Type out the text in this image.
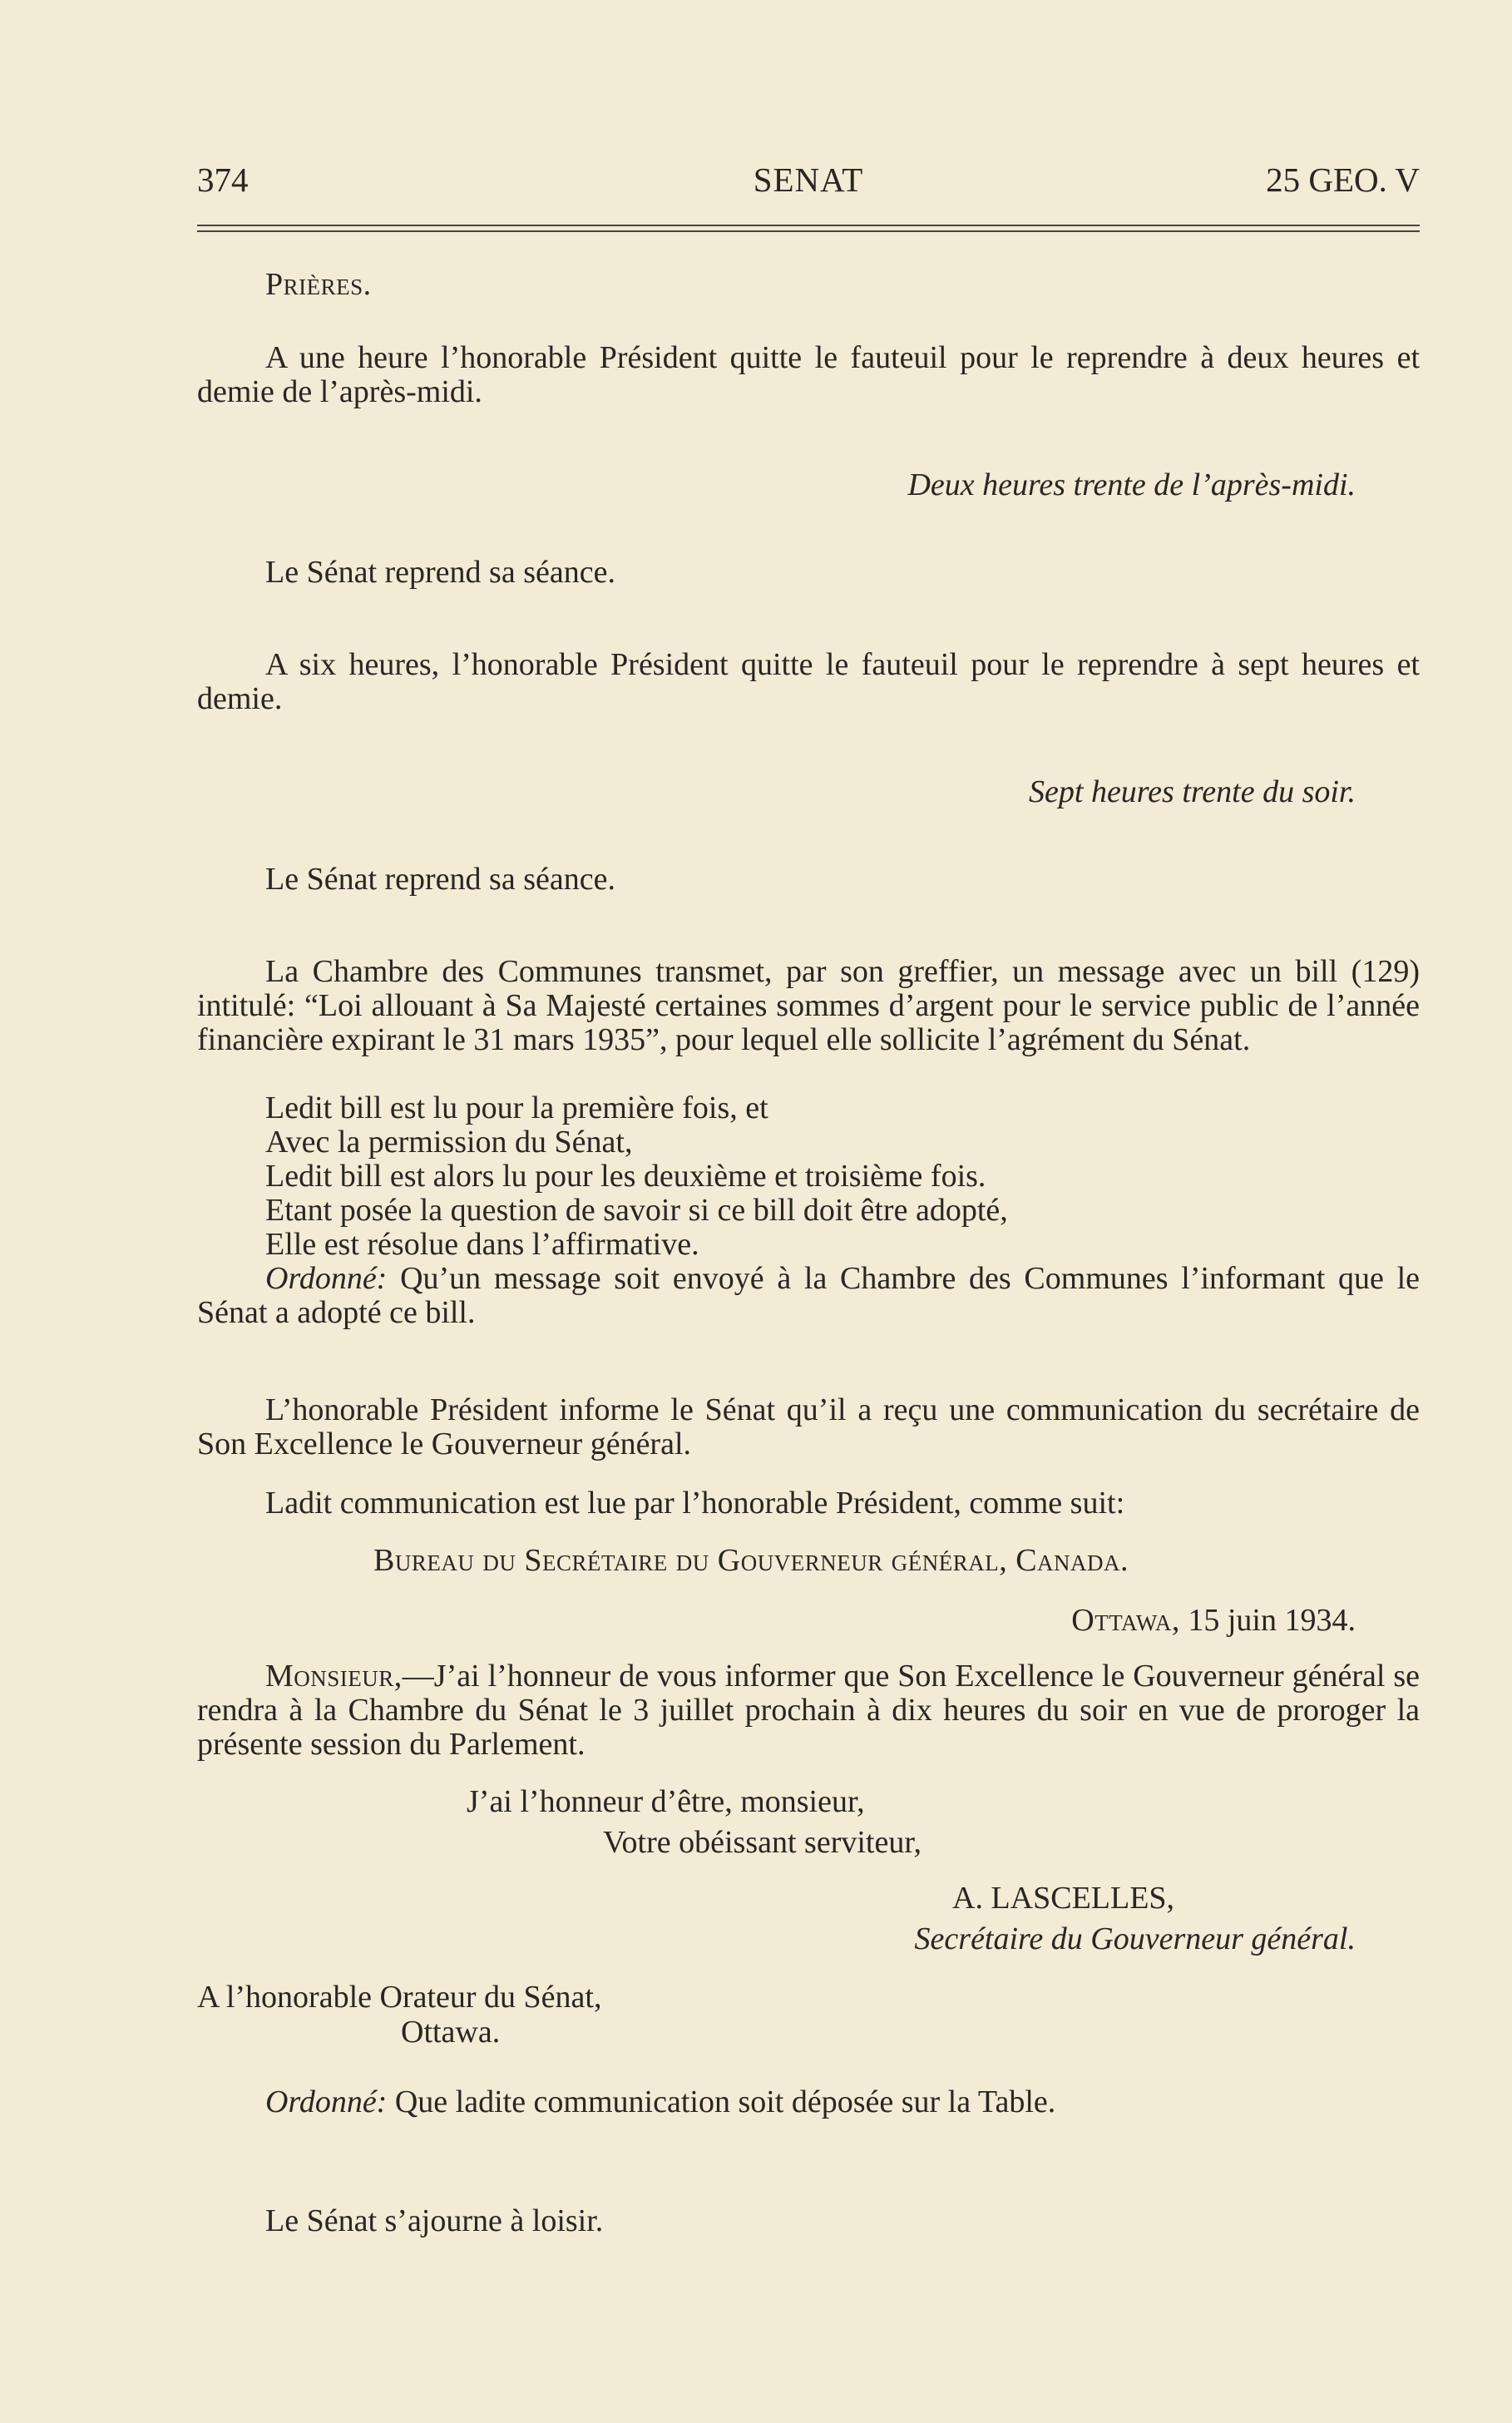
374	SENAT	25 GEO. V
Prières.
A une heure l’honorable Président quitte le fauteuil pour le reprendre à deux heures et demie de l’après-midi.
Deux heures trente de l’après-midi.
Le Sénat reprend sa séance.
A six heures, l’honorable Président quitte le fauteuil pour le reprendre à sept heures et demie.
Sept heures trente du soir.
Le Sénat reprend sa séance.
La Chambre des Communes transmet, par son greffier, un message avec un bill (129) intitulé: “Loi allouant à Sa Majesté certaines sommes d’argent pour le service public de l’année financière expirant le 31 mars 1935”, pour lequel elle sollicite l’agrément du Sénat.
Ledit bill est lu pour la première fois, et
Avec la permission du Sénat,
Ledit bill est alors lu pour les deuxième et troisième fois.
Etant posée la question de savoir si ce bill doit être adopté,
Elle est résolue dans l’affirmative.
Ordonné: Qu’un message soit envoyé à la Chambre des Communes l’informant que le Sénat a adopté ce bill.
L’honorable Président informe le Sénat qu’il a reçu une communication du secrétaire de Son Excellence le Gouverneur général.
Ladit communication est lue par l’honorable Président, comme suit:
Bureau du Secrétaire du Gouverneur général, Canada.
Ottawa, 15 juin 1934.
Monsieur,—J’ai l’honneur de vous informer que Son Excellence le Gouverneur général se rendra à la Chambre du Sénat le 3 juillet prochain à dix heures du soir en vue de proroger la présente session du Parlement.
J’ai l’honneur d’être, monsieur,
Votre obéissant serviteur,
A. LASCELLES,
Secrétaire du Gouverneur général.
A l’honorable Orateur du Sénat,
Ottawa.
Ordonné: Que ladite communication soit déposée sur la Table.
Le Sénat s’ajourne à loisir.
